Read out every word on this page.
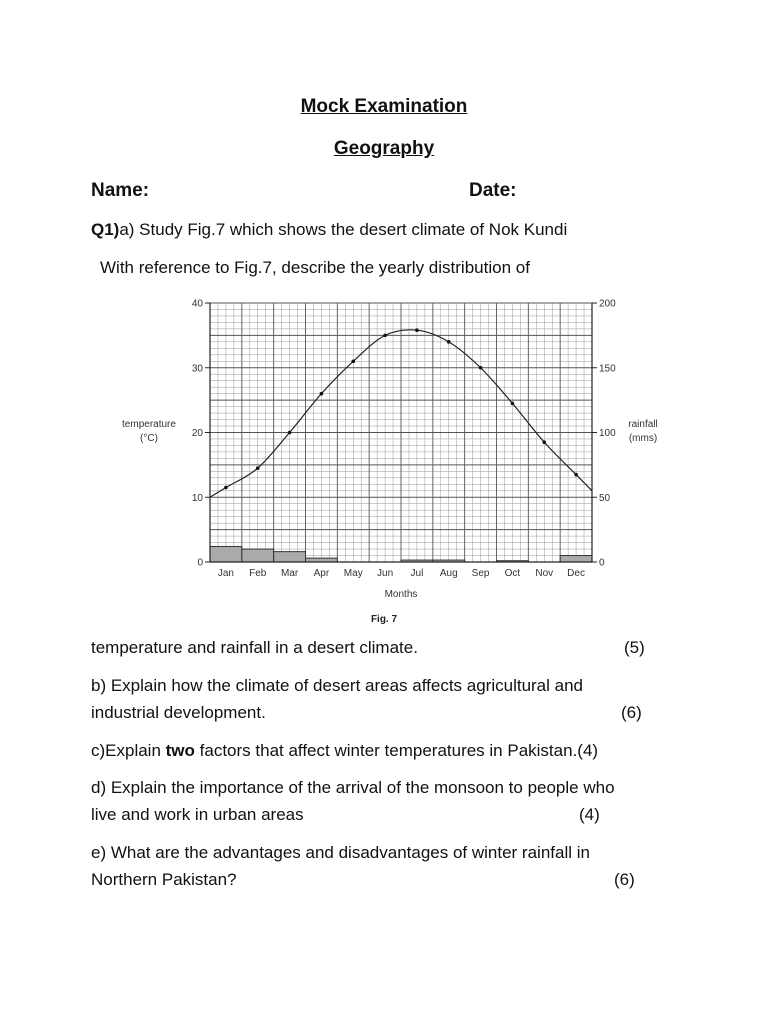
Mock Examination
Geography
Name:	Date:
Q1)a) Study Fig.7 which shows the desert climate of Nok Kundi
With reference to Fig.7, describe the yearly distribution of
0
10
20
30
40
0
50
100
150
200
Jan Feb Mar Apr May Jun Jul Aug Sep Oct Nov Dec
temperature
(°C)
rainfall
(mms)
Months
Fig. 7
temperature and rainfall in a desert climate.	(5)
b) Explain how the climate of desert areas affects agricultural and
industrial development.	(6)
c)Explain two factors that affect winter temperatures in Pakistan.(4)
d) Explain the importance of the arrival of the monsoon to people who
live and work in urban areas	(4)
e) What are the advantages and disadvantages of winter rainfall in
Northern Pakistan?	(6)
